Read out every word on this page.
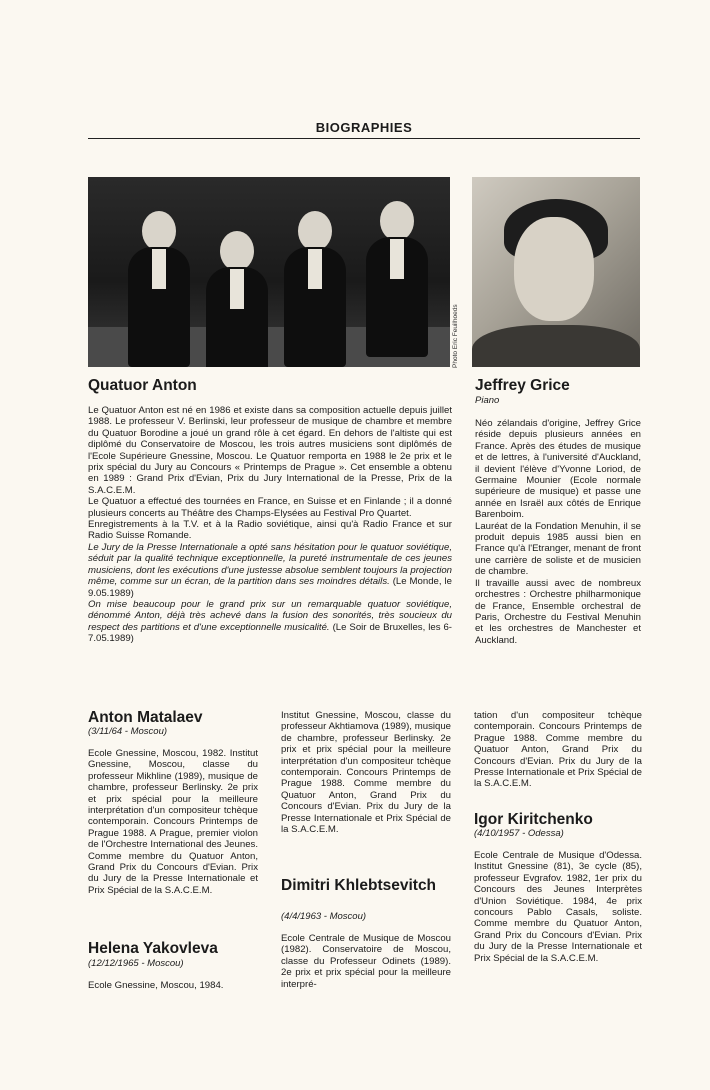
BIOGRAPHIES
Photo Eric Feuilhoeds
Quatuor Anton

Le Quatuor Anton est né en 1986 et existe dans sa composition actuelle depuis juillet 1988. Le professeur V. Berlinski, leur professeur de musique de chambre et membre du Quatuor Borodine a joué un grand rôle à cet égard. En dehors de l'altiste qui est diplômé du Conservatoire de Moscou, les trois autres musiciens sont diplômés de l'Ecole Supérieure Gnessine, Moscou. Le Quatuor remporta en 1988 le 2e prix et le prix spécial du Jury au Concours « Printemps de Prague ». Cet ensemble a obtenu en 1989 : Grand Prix d'Evian, Prix du Jury International de la Presse, Prix de la S.A.C.E.M.

Le Quatuor a effectué des tournées en France, en Suisse et en Finlande ; il a donné plusieurs concerts au Théâtre des Champs-Elysées au Festival Pro Quartet.

Enregistrements à la T.V. et à la Radio soviétique, ainsi qu'à Radio France et sur Radio Suisse Romande.

Le Jury de la Presse Internationale a opté sans hésitation pour le quatuor soviétique, séduit par la qualité technique exceptionnelle, la pureté instrumentale de ces jeunes musiciens, dont les exécutions d'une justesse absolue semblent toujours la projection même, comme sur un écran, de la partition dans ses moindres détails. (Le Monde, le 9.05.1989)

On mise beaucoup pour le grand prix sur un remarquable quatuor soviétique, dénommé Anton, déjà très achevé dans la fusion des sonorités, très soucieux du respect des partitions et d'une exceptionnelle musicalité. (Le Soir de Bruxelles, les 6-7.05.1989)

Jeffrey Grice
Piano

Néo zélandais d'origine, Jeffrey Grice réside depuis plusieurs années en France. Après des études de musique et de lettres, à l'université d'Auckland, il devient l'élève d'Yvonne Loriod, de Germaine Mounier (Ecole normale supérieure de musique) et passe une année en Israël aux côtés de Enrique Barenboim.

Lauréat de la Fondation Menuhin, il se produit depuis 1985 aussi bien en France qu'à l'Etranger, menant de front une carrière de soliste et de musicien de chambre.

Il travaille aussi avec de nombreux orchestres : Orchestre philharmonique de France, Ensemble orchestral de Paris, Orchestre du Festival Menuhin et les orchestres de Manchester et Auckland.

Anton Matalaev
(3/11/64 - Moscou)
Ecole Gnessine, Moscou, 1982. Institut Gnessine, Moscou, classe du professeur Mikhline (1989), musique de chambre, professeur Berlinsky. 2e prix et prix spécial pour la meilleure interprétation d'un compositeur tchèque contemporain. Concours Printemps de Prague 1988. A Prague, premier violon de l'Orchestre International des Jeunes. Comme membre du Quatuor Anton, Grand Prix du Concours d'Evian. Prix du Jury de la Presse Internationale et Prix Spécial de la S.A.C.E.M.
Helena Yakovleva
(12/12/1965 - Moscou)
Ecole Gnessine, Moscou, 1984.
Institut Gnessine, Moscou, classe du professeur Akhtiamova (1989), musique de chambre, professeur Berlinsky. 2e prix et prix spécial pour la meilleure interprétation d'un compositeur tchèque contemporain. Concours Printemps de Prague 1988. Comme membre du Quatuor Anton, Grand Prix du Concours d'Evian. Prix du Jury de la Presse Internationale et Prix Spécial de la S.A.C.E.M.
Dimitri Khlebtsevitch
(4/4/1963 - Moscou)
Ecole Centrale de Musique de Moscou (1982). Conservatoire de Moscou, classe du Professeur Odinets (1989). 2e prix et prix spécial pour la meilleure interpré-
tation d'un compositeur tchèque contemporain. Concours Printemps de Prague 1988. Comme membre du Quatuor Anton, Grand Prix du Concours d'Evian. Prix du Jury de la Presse Internationale et Prix Spécial de la S.A.C.E.M.
Igor Kiritchenko
(4/10/1957 - Odessa)
Ecole Centrale de Musique d'Odessa. Institut Gnessine (81), 3e cycle (85), professeur Evgrafov. 1982, 1er prix du Concours des Jeunes Interprètes d'Union Soviétique. 1984, 4e prix concours Pablo Casals, soliste. Comme membre du Quatuor Anton, Grand Prix du Concours d'Evian. Prix du Jury de la Presse Internationale et Prix Spécial de la S.A.C.E.M.
